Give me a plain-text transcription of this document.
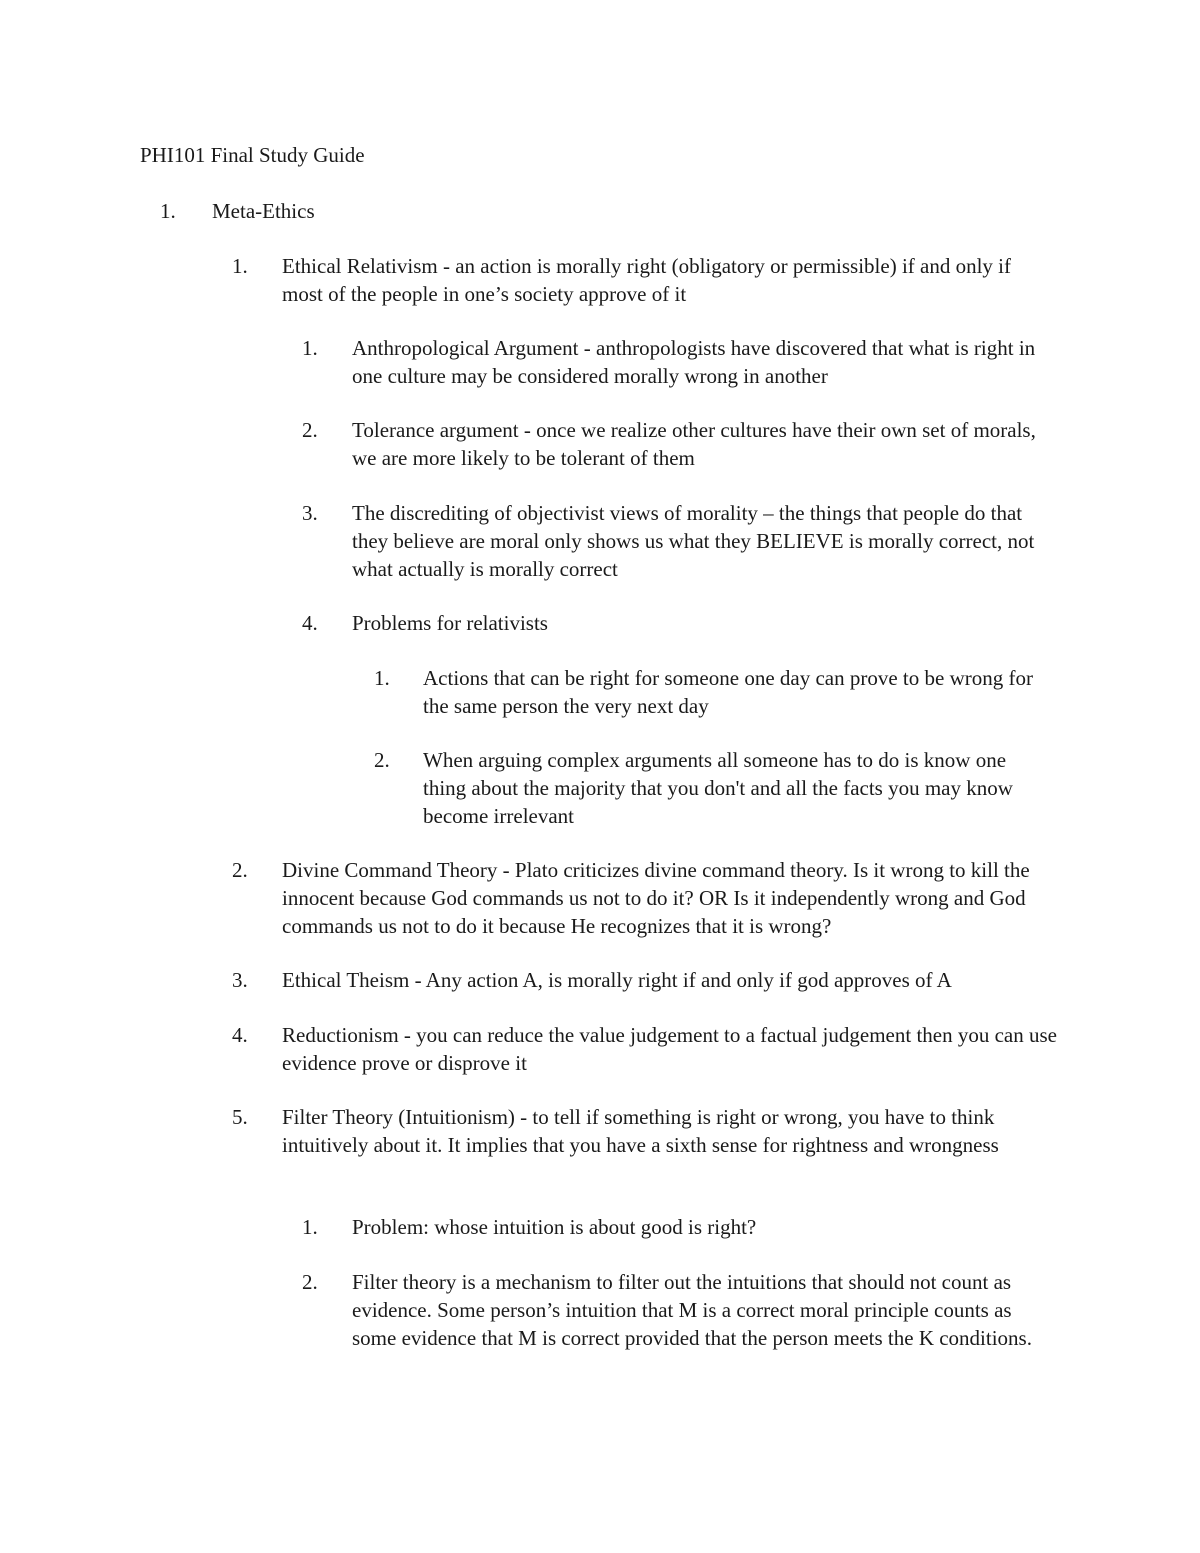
PHI101 Final Study Guide
1. Meta-Ethics
1. Ethical Relativism - an action is morally right (obligatory or permissible) if and only if most of the people in one’s society approve of it
1. Anthropological Argument - anthropologists have discovered that what is right in one culture may be considered morally wrong in another
2. Tolerance argument - once we realize other cultures have their own set of morals, we are more likely to be tolerant of them
3. The discrediting of objectivist views of morality – the things that people do that they believe are moral only shows us what they BELIEVE is morally correct, not what actually is morally correct
4. Problems for relativists
1. Actions that can be right for someone one day can prove to be wrong for the same person the very next day
2. When arguing complex arguments all someone has to do is know one thing about the majority that you don't and all the facts you may know become irrelevant
2. Divine Command Theory - Plato criticizes divine command theory. Is it wrong to kill the innocent because God commands us not to do it? OR Is it independently wrong and God commands us not to do it because He recognizes that it is wrong?
3. Ethical Theism - Any action A, is morally right if and only if god approves of A
4. Reductionism - you can reduce the value judgement to a factual judgement then you can use evidence prove or disprove it
5. Filter Theory (Intuitionism) - to tell if something is right or wrong, you have to think intuitively about it. It implies that you have a sixth sense for rightness and wrongness
1. Problem: whose intuition is about good is right?
2. Filter theory is a mechanism to filter out the intuitions that should not count as evidence. Some person’s intuition that M is a correct moral principle counts as some evidence that M is correct provided that the person meets the K conditions.
